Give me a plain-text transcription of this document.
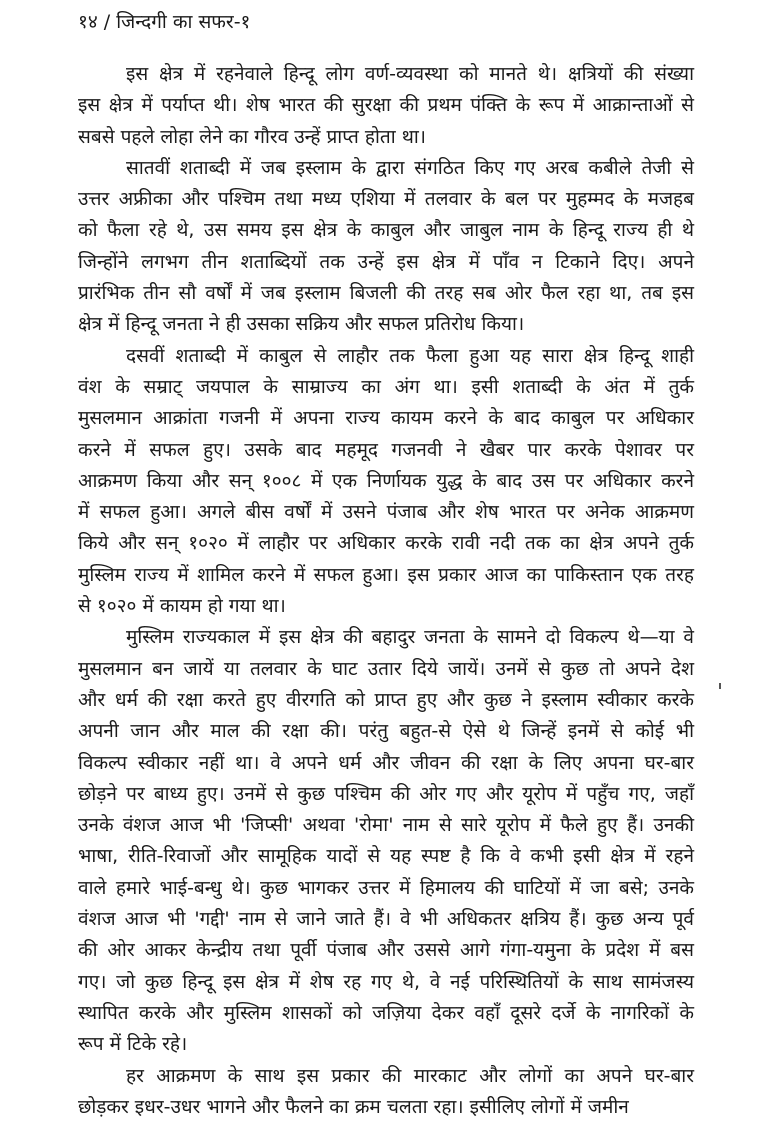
१४ / जिन्दगी का सफर-१
इस क्षेत्र में रहनेवाले हिन्दू लोग वर्ण-व्यवस्था को मानते थे। क्षत्रियों की संख्या
इस क्षेत्र में पर्याप्त थी। शेष भारत की सुरक्षा की प्रथम पंक्ति के रूप में आक्रान्ताओं से
सबसे पहले लोहा लेने का गौरव उन्हें प्राप्त होता था।
सातवीं शताब्दी में जब इस्लाम के द्वारा संगठित किए गए अरब कबीले तेजी से
उत्तर अफ्रीका और पश्चिम तथा मध्य एशिया में तलवार के बल पर मुहम्मद के मजहब
को फैला रहे थे, उस समय इस क्षेत्र के काबुल और जाबुल नाम के हिन्दू राज्य ही थे
जिन्होंने लगभग तीन शताब्दियों तक उन्हें इस क्षेत्र में पाँव न टिकाने दिए। अपने
प्रारंभिक तीन सौ वर्षों में जब इस्लाम बिजली की तरह सब ओर फैल रहा था, तब इस
क्षेत्र में हिन्दू जनता ने ही उसका सक्रिय और सफल प्रतिरोध किया।
दसवीं शताब्दी में काबुल से लाहौर तक फैला हुआ यह सारा क्षेत्र हिन्दू शाही
वंश के सम्राट् जयपाल के साम्राज्य का अंग था। इसी शताब्दी के अंत में तुर्क
मुसलमान आक्रांता गजनी में अपना राज्य कायम करने के बाद काबुल पर अधिकार
करने में सफल हुए। उसके बाद महमूद गजनवी ने खैबर पार करके पेशावर पर
आक्रमण किया और सन् १००८ में एक निर्णायक युद्ध के बाद उस पर अधिकार करने
में सफल हुआ। अगले बीस वर्षों में उसने पंजाब और शेष भारत पर अनेक आक्रमण
किये और सन् १०२० में लाहौर पर अधिकार करके रावी नदी तक का क्षेत्र अपने तुर्क
मुस्लिम राज्य में शामिल करने में सफल हुआ। इस प्रकार आज का पाकिस्तान एक तरह
से १०२० में कायम हो गया था।
मुस्लिम राज्यकाल में इस क्षेत्र की बहादुर जनता के सामने दो विकल्प थे—या वे
मुसलमान बन जायें या तलवार के घाट उतार दिये जायें। उनमें से कुछ तो अपने देश
और धर्म की रक्षा करते हुए वीरगति को प्राप्त हुए और कुछ ने इस्लाम स्वीकार करके
अपनी जान और माल की रक्षा की। परंतु बहुत-से ऐसे थे जिन्हें इनमें से कोई भी
विकल्प स्वीकार नहीं था। वे अपने धर्म और जीवन की रक्षा के लिए अपना घर-बार
छोड़ने पर बाध्य हुए। उनमें से कुछ पश्चिम की ओर गए और यूरोप में पहुँच गए, जहाँ
उनके वंशज आज भी 'जिप्सी' अथवा 'रोमा' नाम से सारे यूरोप में फैले हुए हैं। उनकी
भाषा, रीति-रिवाजों और सामूहिक यादों से यह स्पष्ट है कि वे कभी इसी क्षेत्र में रहने
वाले हमारे भाई-बन्धु थे। कुछ भागकर उत्तर में हिमालय की घाटियों में जा बसे; उनके
वंशज आज भी 'गद्दी' नाम से जाने जाते हैं। वे भी अधिकतर क्षत्रिय हैं। कुछ अन्य पूर्व
की ओर आकर केन्द्रीय तथा पूर्वी पंजाब और उससे आगे गंगा-यमुना के प्रदेश में बस
गए। जो कुछ हिन्दू इस क्षेत्र में शेष रह गए थे, वे नई परिस्थितियों के साथ सामंजस्य
स्थापित करके और मुस्लिम शासकों को जज़िया देकर वहाँ दूसरे दर्जे के नागरिकों के
रूप में टिके रहे।
हर आक्रमण के साथ इस प्रकार की मारकाट और लोगों का अपने घर-बार
छोड़कर इधर-उधर भागने और फैलने का क्रम चलता रहा। इसीलिए लोगों में जमीन
